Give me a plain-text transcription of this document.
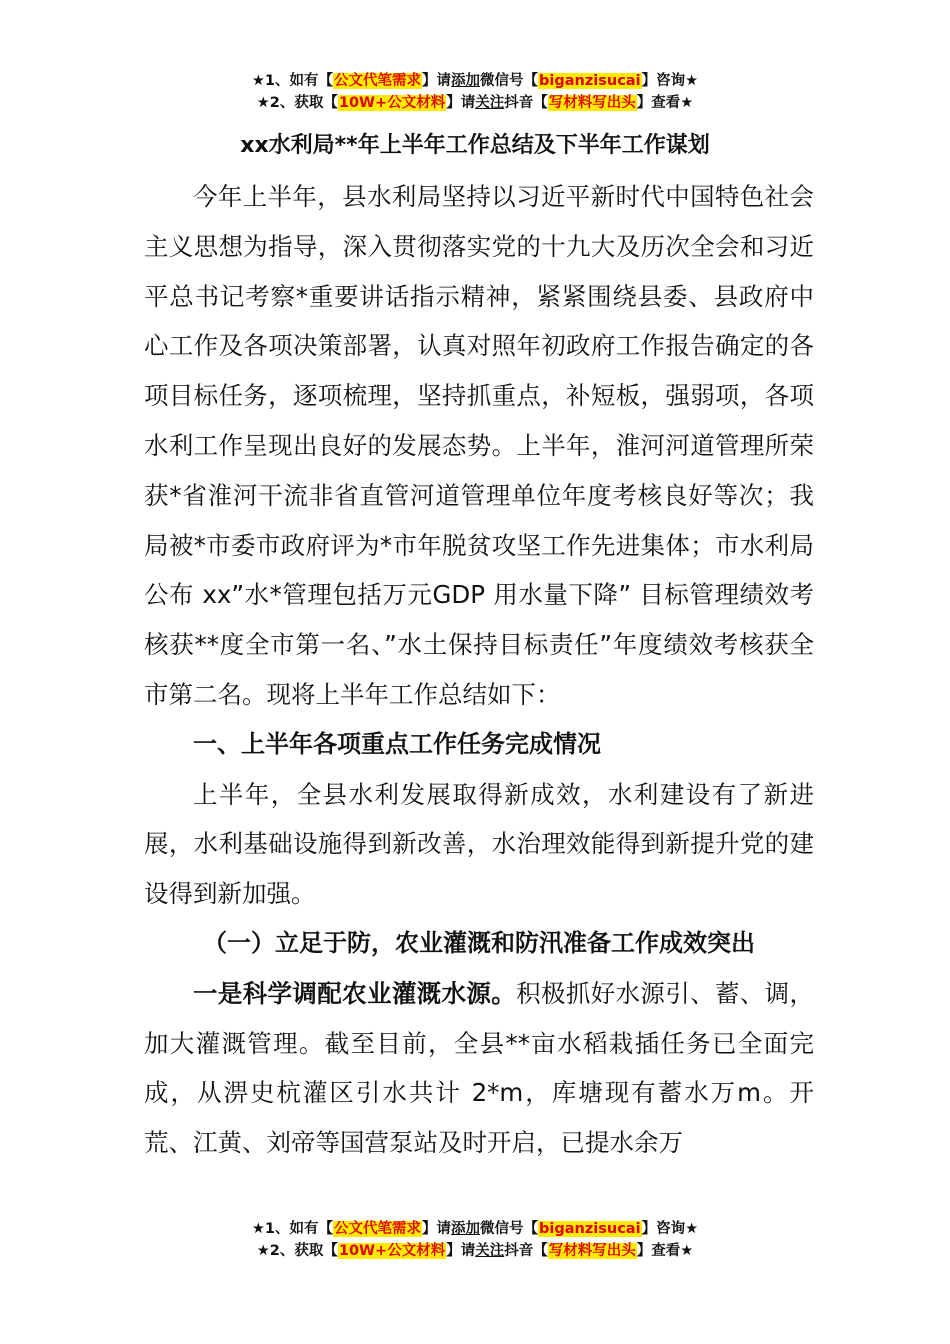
★1、如有【公文代笔需求】请添加微信号【biganzisucai】咨询★
★2、获取【10W+公文材料】请关注抖音【写材料写出头】查看★
xx水利局**年上半年工作总结及下半年工作谋划

今年上半年，县水利局坚持以习近平新时代中国特色社会主义思想为指导，深入贯彻落实党的十九大及历次全会和习近平总书记考察*重要讲话指示精神，紧紧围绕县委、县政府中心工作及各项决策部署，认真对照年初政府工作报告确定的各项目标任务，逐项梳理，坚持抓重点，补短板，强弱项，各项水利工作呈现出良好的发展态势。上半年，淮河河道管理所荣获*省淮河干流非省直管河道管理单位年度考核良好等次；我局被*市委市政府评为*市年脱贫攻坚工作先进集体；市水利局公布 xx”水*管理包括万元GDP 用水量下降” 目标管理绩效考核获**度全市第一名、”水土保持目标责任”年度绩效考核获全市第二名。现将上半年工作总结如下：

一、上半年各项重点工作任务完成情况

上半年，全县水利发展取得新成效，水利建设有了新进展，水利基础设施得到新改善，水治理效能得到新提升党的建设得到新加强。

（一）立足于防，农业灌溉和防汛准备工作成效突出

一是科学调配农业灌溉水源。积极抓好水源引、蓄、调，加大灌溉管理。截至目前，全县**亩水稻栽插任务已全面完成，从淠史杭灌区引水共计 2*m，库塘现有蓄水万m。开荒、江黄、刘帝等国营泵站及时开启，已提水余万

★1、如有【公文代笔需求】请添加微信号【biganzisucai】咨询★
★2、获取【10W+公文材料】请关注抖音【写材料写出头】查看★
